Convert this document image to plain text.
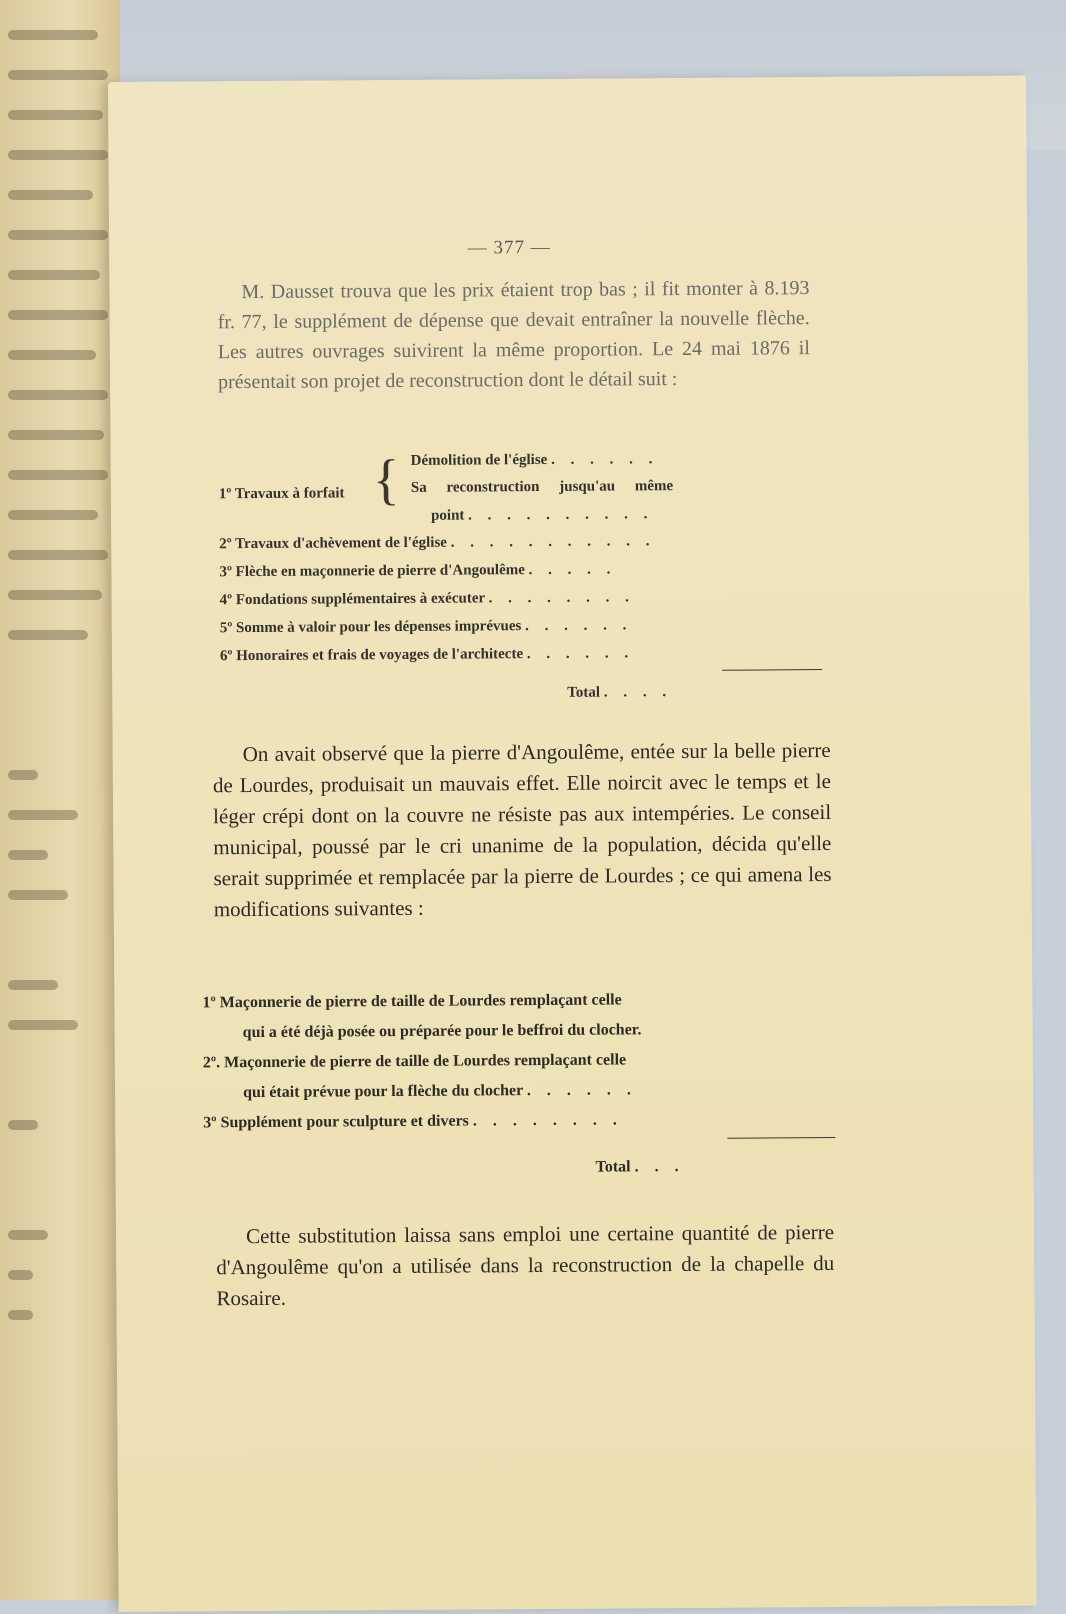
— 377 —

M. Dausset trouva que les prix étaient trop bas ; il fit monter à 8.193 fr. 77, le supplément de dépense que devait entraîner la nouvelle flèche. Les autres ouvrages suivirent la même proportion. Le 24 mai 1876 il présentait son projet de reconstruction dont le détail suit :

1º Travaux à forfait { Démolition de l'église . . . . . .
Sa reconstruction jusqu'au même
point . . . . . . . . . .
2º Travaux d'achèvement de l'église . . . . . . . . . . .
3º Flèche en maçonnerie de pierre d'Angoulême . . . . .
4º Fondations supplémentaires à exécuter . . . . . . . .
5º Somme à valoir pour les dépenses imprévues . . . . . .
6º Honoraires et frais de voyages de l'architecte . . . . . .
Total . . . .

On avait observé que la pierre d'Angoulême, entée sur la belle pierre de Lourdes, produisait un mauvais effet. Elle noircit avec le temps et le léger crépi dont on la couvre ne résiste pas aux intempéries. Le conseil municipal, poussé par le cri unanime de la population, décida qu'elle serait supprimée et remplacée par la pierre de Lourdes ; ce qui amena les modifications suivantes :

1º Maçonnerie de pierre de taille de Lourdes remplaçant celle
qui a été déjà posée ou préparée pour le beffroi du clocher.
2º. Maçonnerie de pierre de taille de Lourdes remplaçant celle
qui était prévue pour la flèche du clocher . . . . . .
3º Supplément pour sculpture et divers . . . . . . . .
Total . . .

Cette substitution laissa sans emploi une certaine quantité de pierre d'Angoulême qu'on a utilisée dans la reconstruction de la chapelle du Rosaire.
